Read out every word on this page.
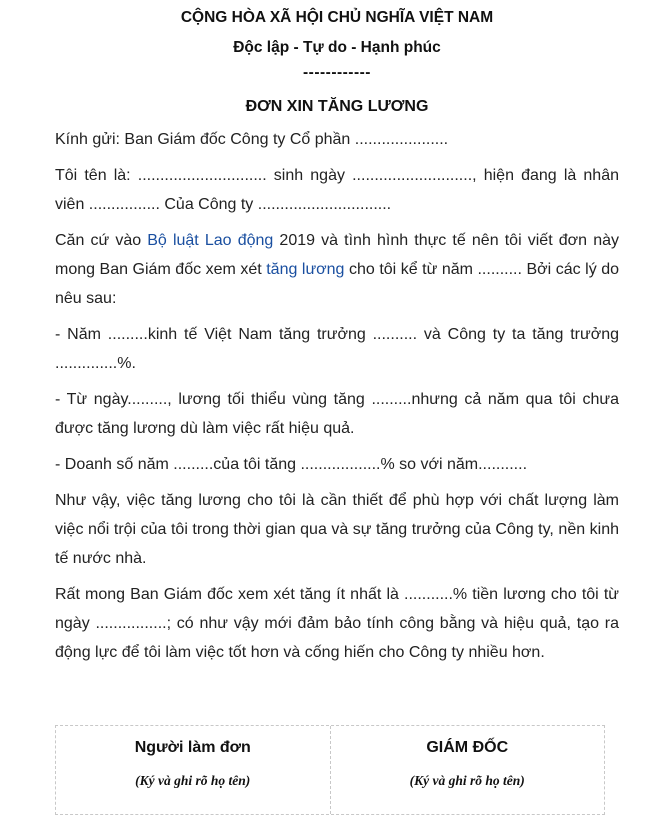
CỘNG HÒA XÃ HỘI CHỦ NGHĨA VIỆT NAM
Độc lập - Tự do - Hạnh phúc
------------
ĐƠN XIN TĂNG LƯƠNG

Kính gửi: Ban Giám đốc Công ty Cổ phần .....................

Tôi tên là: ............................. sinh ngày ..........................., hiện đang là nhân viên ................ Của Công ty ..............................

Căn cứ vào Bộ luật Lao động 2019 và tình hình thực tế nên tôi viết đơn này mong Ban Giám đốc xem xét tăng lương cho tôi kể từ năm .......... Bởi các lý do nêu sau:

- Năm .........kinh tế Việt Nam tăng trưởng .......... và Công ty ta tăng trưởng ..............%.

- Từ ngày........., lương tối thiểu vùng tăng .........nhưng cả năm qua tôi chưa được tăng lương dù làm việc rất hiệu quả.

- Doanh số năm .........của tôi tăng ..................% so với năm...........

Như vậy, việc tăng lương cho tôi là cần thiết để phù hợp với chất lượng làm việc nổi trội của tôi trong thời gian qua và sự tăng trưởng của Công ty, nền kinh tế nước nhà.

Rất mong Ban Giám đốc xem xét tăng ít nhất là ...........% tiền lương cho tôi từ ngày ................; có như vậy mới đảm bảo tính công bằng và hiệu quả, tạo ra động lực để tôi làm việc tốt hơn và cống hiến cho Công ty nhiều hơn.

Người làm đơn
(Ký và ghi rõ họ tên)
GIÁM ĐỐC
(Ký và ghi rõ họ tên)
